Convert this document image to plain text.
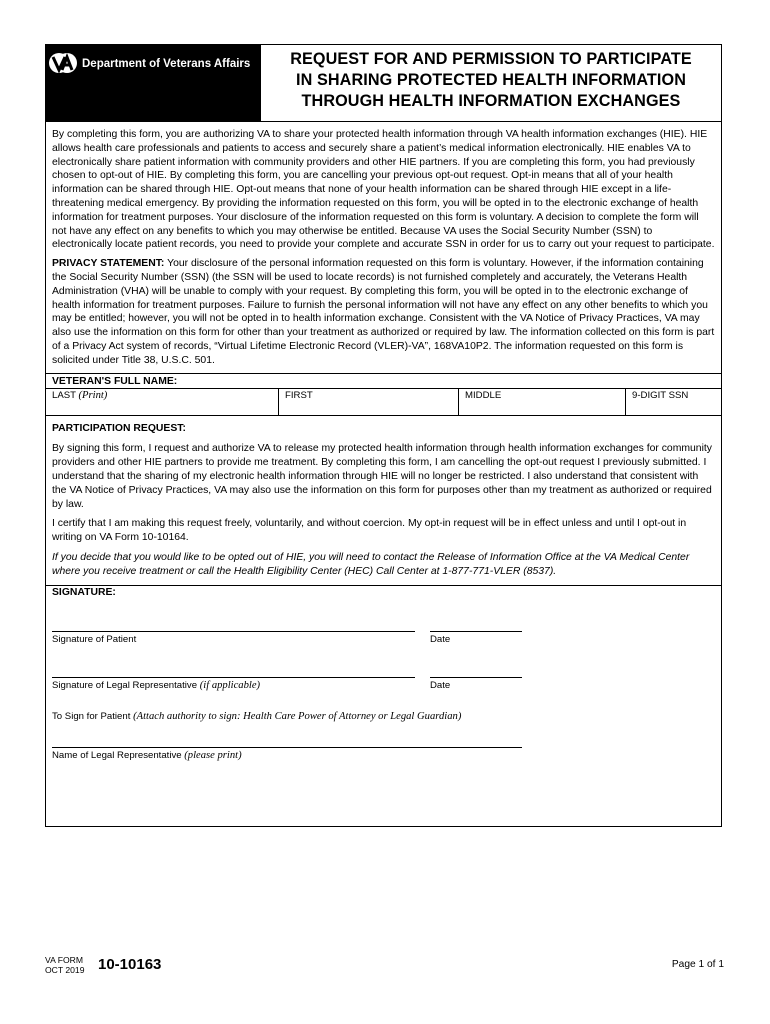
Department of Veterans Affairs	REQUEST FOR AND PERMISSION TO PARTICIPATE
IN SHARING PROTECTED HEALTH INFORMATION
THROUGH HEALTH INFORMATION EXCHANGES

By completing this form, you are authorizing VA to share your protected health information through VA health information exchanges (HIE). HIE allows health care professionals and patients to access and securely share a patient’s medical information electronically. HIE enables VA to electronically share patient information with community providers and other HIE partners. If you are completing this form, you had previously chosen to opt-out of HIE. By completing this form, you are cancelling your previous opt-out request. Opt-in means that all of your health information can be shared through HIE. Opt-out means that none of your health information can be shared through HIE except in a life-threatening medical emergency. By providing the information requested on this form, you will be opted in to the electronic exchange of health information for treatment purposes. Your disclosure of the information requested on this form is voluntary. A decision to complete the form will not have any effect on any benefits to which you may otherwise be entitled. Because VA uses the Social Security Number (SSN) to electronically locate patient records, you need to provide your complete and accurate SSN in order for us to carry out your request to participate.

PRIVACY STATEMENT: Your disclosure of the personal information requested on this form is voluntary. However, if the information containing the Social Security Number (SSN) (the SSN will be used to locate records) is not furnished completely and accurately, the Veterans Health Administration (VHA) will be unable to comply with your request. By completing this form, you will be opted in to the electronic exchange of health information for treatment purposes. Failure to furnish the personal information will not have any effect on any other benefits to which you may be entitled; however, you will not be opted in to health information exchange. Consistent with the VA Notice of Privacy Practices, VA may also use the information on this form for other than your treatment as authorized or required by law. The information collected on this form is part of a Privacy Act system of records, “Virtual Lifetime Electronic Record (VLER)-VA”, 168VA10P2. The information requested on this form is solicited under Title 38, U.S.C. 501.

VETERAN'S FULL NAME:
LAST (Print)	FIRST	MIDDLE	9-DIGIT SSN

PARTICIPATION REQUEST:

By signing this form, I request and authorize VA to release my protected health information through health information exchanges for community providers and other HIE partners to provide me treatment. By completing this form, I am cancelling the opt-out request I previously submitted. I understand that the sharing of my electronic health information through HIE will no longer be restricted. I also understand that consistent with the VA Notice of Privacy Practices, VA may also use the information on this form for purposes other than my treatment as authorized or required by law.

I certify that I am making this request freely, voluntarily, and without coercion. My opt-in request will be in effect unless and until I opt-out in writing on VA Form 10-10164.

If you decide that you would like to be opted out of HIE, you will need to contact the Release of Information Office at the VA Medical Center where you receive treatment or call the Health Eligibility Center (HEC) Call Center at 1-877-771-VLER (8537).

SIGNATURE:
Signature of Patient	Date
Signature of Legal Representative (if applicable)	Date
To Sign for Patient (Attach authority to sign: Health Care Power of Attorney or Legal Guardian)
Name of Legal Representative (please print)
VA FORM
OCT 2019 10-10163	Page 1 of 1
